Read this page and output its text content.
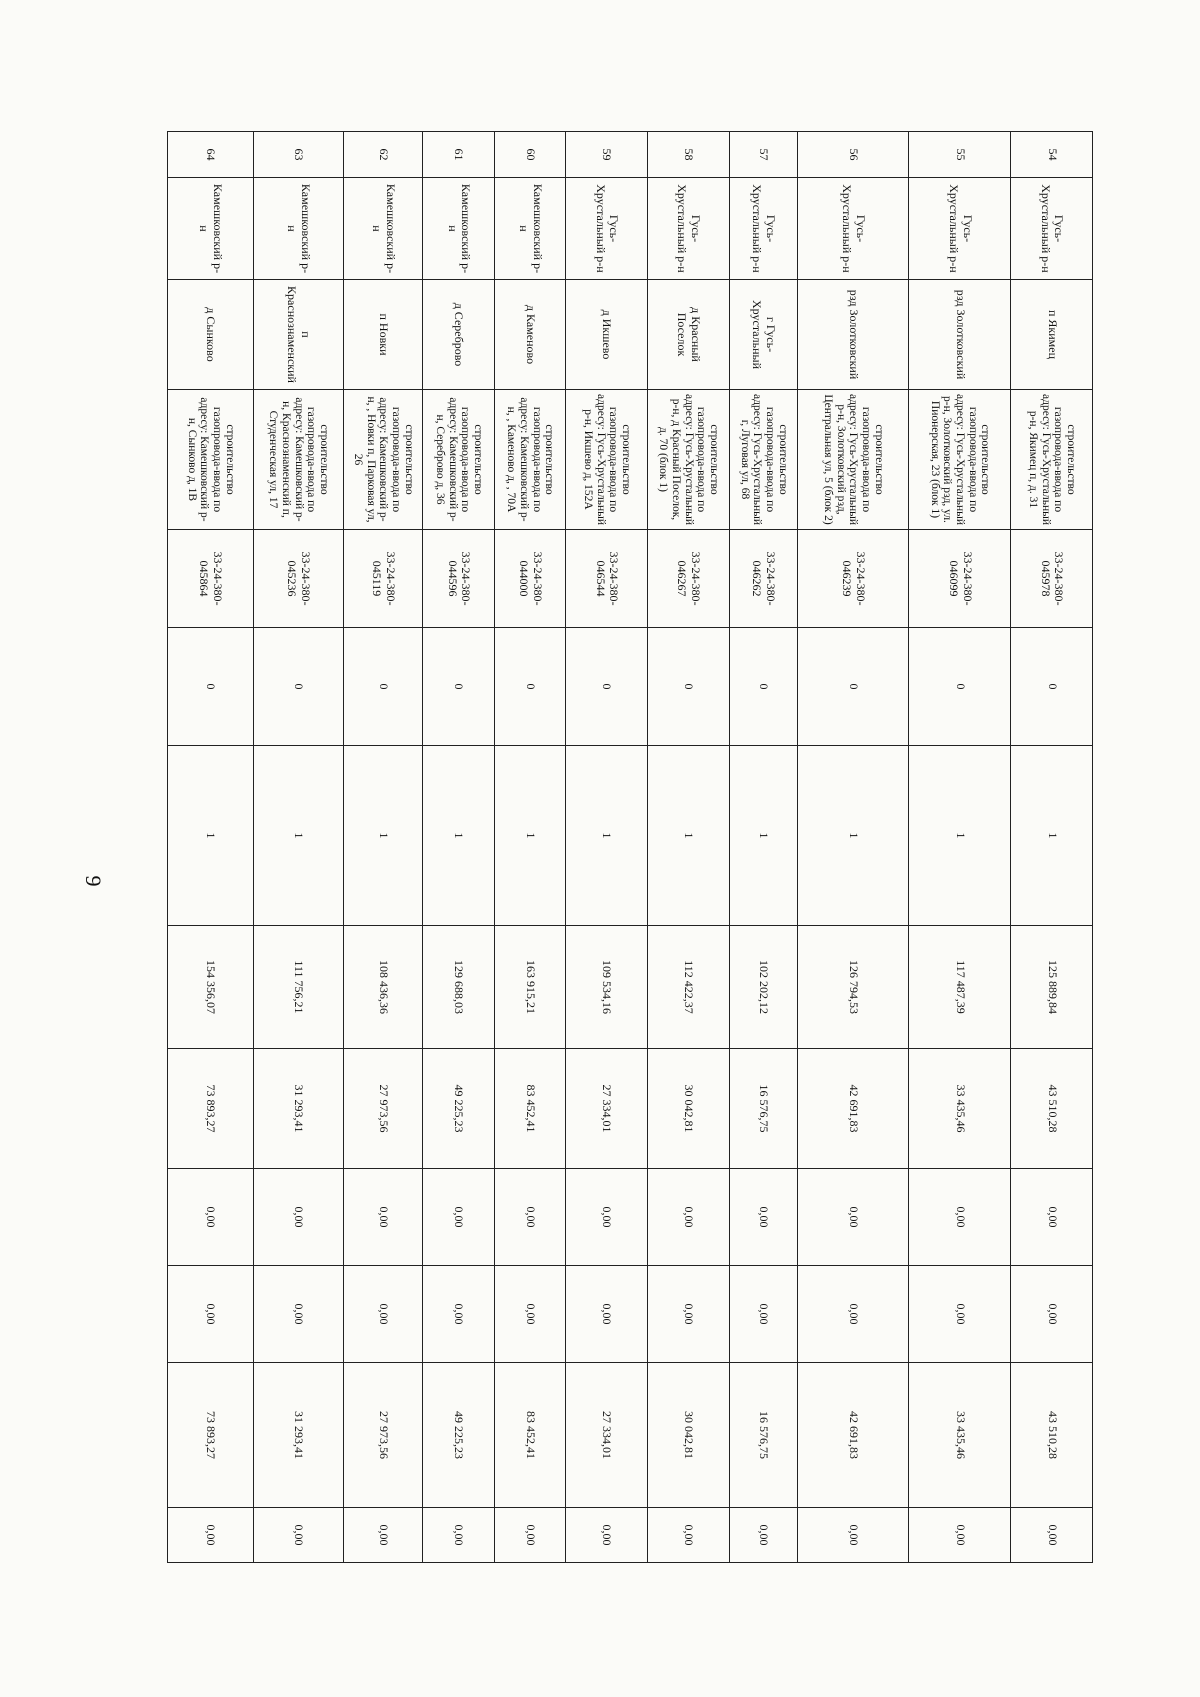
9
54	Гусь-Хрустальный р-н	п Якимец	строительство газопровода-ввода по адресу: Гусь-Хрустальный р-н, Якимец п, д. 31	33-24-380-045978	0	1	125 889,84	43 510,28	0,00	0,00	43 510,28	0,00
55	Гусь-Хрустальный р-н	рзд Золотковский	строительство газопровода-ввода по адресу: Гусь-Хрустальный р-н, Золотковский рзд, ул. Пионерская, 23 (блок 1)	33-24-380-046099	0	1	117 487,39	33 435,46	0,00	0,00	33 435,46	0,00
56	Гусь-Хрустальный р-н	рзд Золотковский	строительство газопровода-ввода по адресу: Гусь-Хрустальный р-н, Золотковский рзд, Центральная ул, 5 (блок 2)	33-24-380-046239	0	1	126 794,53	42 691,83	0,00	0,00	42 691,83	0,00
57	Гусь-Хрустальный р-н	г Гусь-Хрустальный	строительство газопровода-ввода по адресу: Гусь-Хрустальный г, Луговая ул, 68	33-24-380-046262	0	1	102 202,12	16 576,75	0,00	0,00	16 576,75	0,00
58	Гусь-Хрустальный р-н	д Красный Поселок	строительство газопровода-ввода по адресу: Гусь-Хрустальный р-н, д Красный Поселок, д. 70 (блок 1)	33-24-380-046267	0	1	112 422,37	30 042,81	0,00	0,00	30 042,81	0,00
59	Гусь-Хрустальный р-н	д Икшево	строительство газопровода-ввода по адресу: Гусь-Хрустальный р-н, Икшево д, 152А	33-24-380-046544	0	1	109 534,16	27 334,01	0,00	0,00	27 334,01	0,00
60	Камешковский р-н	д Каменово	строительство газопровода-ввода по адресу: Камешковский р-н, , Каменово д, , 70А	33-24-380-044000	0	1	163 915,21	83 452,41	0,00	0,00	83 452,41	0,00
61	Камешковский р-н	д Сереброво	строительство газопровода-ввода по адресу: Камешковский р-н, Сереброво д, 36	33-24-380-044596	0	1	129 688,03	49 225,23	0,00	0,00	49 225,23	0,00
62	Камешковский р-н	п Новки	строительство газопровода-ввода по адресу: Камешковский р-н, , Новки п, Парковая ул, 26	33-24-380-045119	0	1	108 436,36	27 973,56	0,00	0,00	27 973,56	0,00
63	Камешковский р-н	п Краснознаменский	строительство газопровода-ввода по адресу: Камешковский р-н, Краснознаменский п, Студенческая ул, 17	33-24-380-045236	0	1	111 756,21	31 293,41	0,00	0,00	31 293,41	0,00
64	Камешковский р-н	д Сынково	строительство газопровода-ввода по адресу: Камешковский р-н, Сынково д, 1В	33-24-380-045864	0	1	154 356,07	73 893,27	0,00	0,00	73 893,27	0,00
